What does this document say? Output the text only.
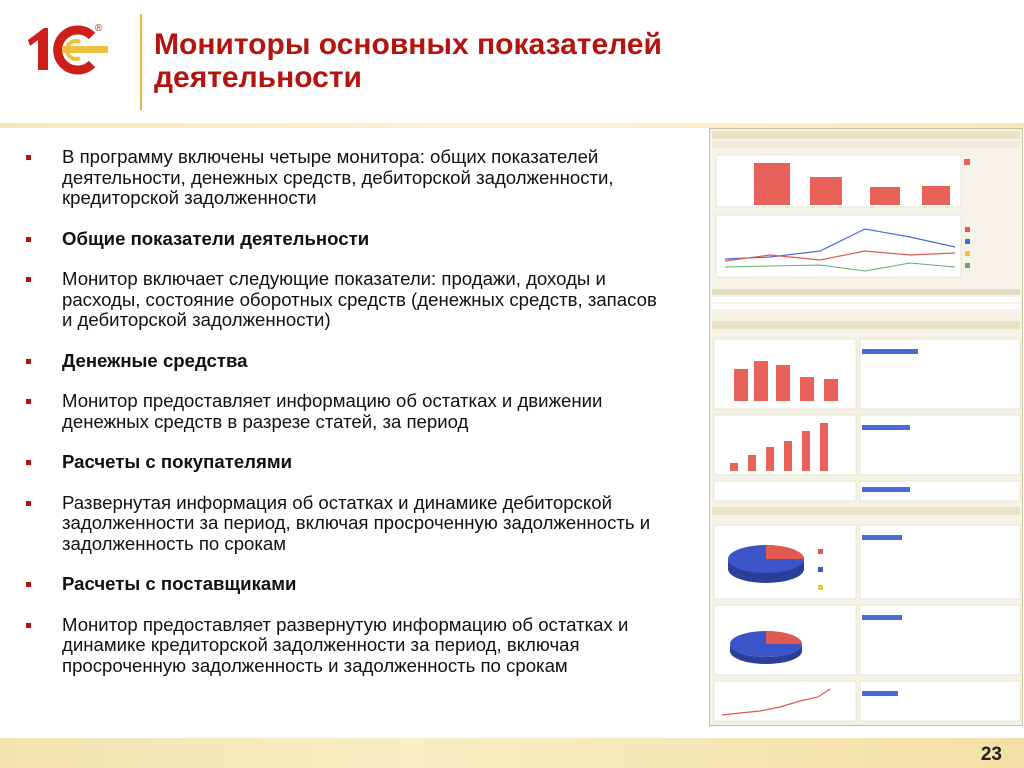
® Мониторы основных показателей
деятельности
В программу включены четыре монитора: общих показателей деятельности, денежных средств, дебиторской задолженности, кредиторской задолженности
Общие показатели деятельности
Монитор включает следующие показатели: продажи, доходы и расходы, состояние оборотных средств (денежных средств, запасов и дебиторской задолженности)
Денежные средства
Монитор предоставляет информацию об остатках и движении денежных средств в разрезе статей, за период
Расчеты с покупателями
Развернутая информация об остатках и динамике дебиторской задолженности за период, включая просроченную задолженность и задолженность по срокам
Расчеты с поставщиками
Монитор предоставляет развернутую информацию об остатках и динамике кредиторской задолженности за период, включая просроченную задолженность и задолженность по срокам
23
